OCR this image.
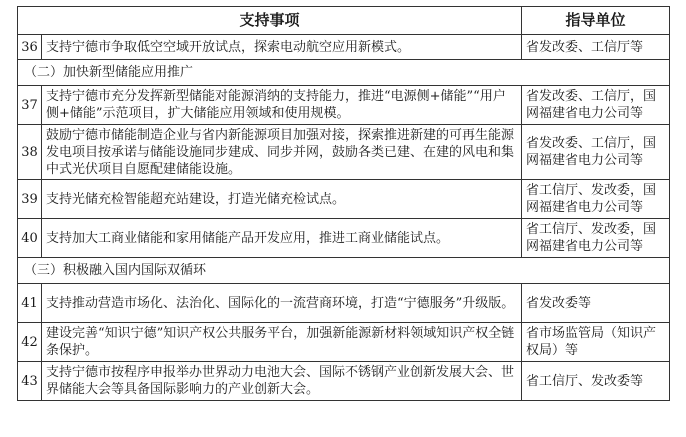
支持事项		指导单位
36	支持宁德市争取低空空域开放试点，探索电动航空应用新模式。	省发改委、工信厅等
（二）加快新型储能应用推广		
37	支持宁德市充分发挥新型储能对能源消纳的支持能力，推进“电源侧+储能”“用户侧+储能”示范项目，扩大储能应用领域和使用规模。	省发改委、工信厅，国网福建省电力公司等
38	鼓励宁德市储能制造企业与省内新能源项目加强对接，探索推进新建的可再生能源发电项目按承诺与储能设施同步建成、同步并网，鼓励各类已建、在建的风电和集中式光伏项目自愿配建储能设施。	省发改委、工信厅，国网福建省电力公司等
39	支持光储充检智能超充站建设，打造光储充检试点。	省工信厅、发改委，国网福建省电力公司等
40	支持加大工商业储能和家用储能产品开发应用，推进工商业储能试点。	省工信厅、发改委，国网福建省电力公司等
（三）积极融入国内国际双循环		
41	支持推动营造市场化、法治化、国际化的一流营商环境，打造“宁德服务”升级版。	省发改委等
42	建设完善“知识宁德”知识产权公共服务平台，加强新能源新材料领域知识产权全链条保护。	省市场监管局（知识产权局）等
43	支持宁德市按程序申报举办世界动力电池大会、国际不锈钢产业创新发展大会、世界储能大会等具备国际影响力的产业创新大会。	省工信厅、发改委等
